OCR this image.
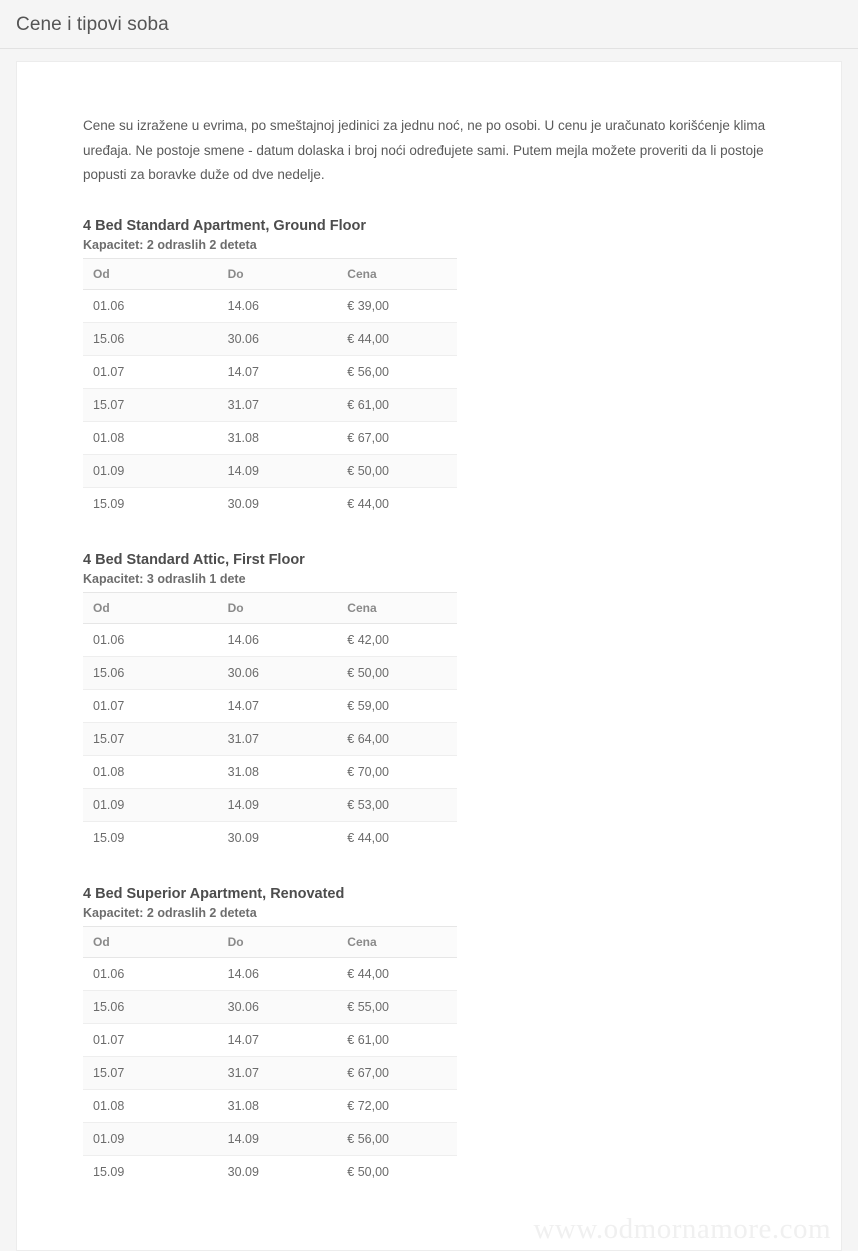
Cene i tipovi soba

Cene su izražene u evrima, po smeštajnoj jedinici za jednu noć, ne po osobi. U cenu je uračunato korišćenje klima uređaja. Ne postoje smene - datum dolaska i broj noći određujete sami. Putem mejla možete proveriti da li postoje popusti za boravke duže od dve nedelje.

4 Bed Standard Apartment, Ground Floor
Kapacitet: 2 odraslih 2 deteta
Od	Do	Cena
01.06	14.06	€ 39,00
15.06	30.06	€ 44,00
01.07	14.07	€ 56,00
15.07	31.07	€ 61,00
01.08	31.08	€ 67,00
01.09	14.09	€ 50,00
15.09	30.09	€ 44,00
4 Bed Standard Attic, First Floor
Kapacitet: 3 odraslih 1 dete
Od	Do	Cena
01.06	14.06	€ 42,00
15.06	30.06	€ 50,00
01.07	14.07	€ 59,00
15.07	31.07	€ 64,00
01.08	31.08	€ 70,00
01.09	14.09	€ 53,00
15.09	30.09	€ 44,00
4 Bed Superior Apartment, Renovated
Kapacitet: 2 odraslih 2 deteta
Od	Do	Cena
01.06	14.06	€ 44,00
15.06	30.06	€ 55,00
01.07	14.07	€ 61,00
15.07	31.07	€ 67,00
01.08	31.08	€ 72,00
01.09	14.09	€ 56,00
15.09	30.09	€ 50,00
www.odmornamore.com
